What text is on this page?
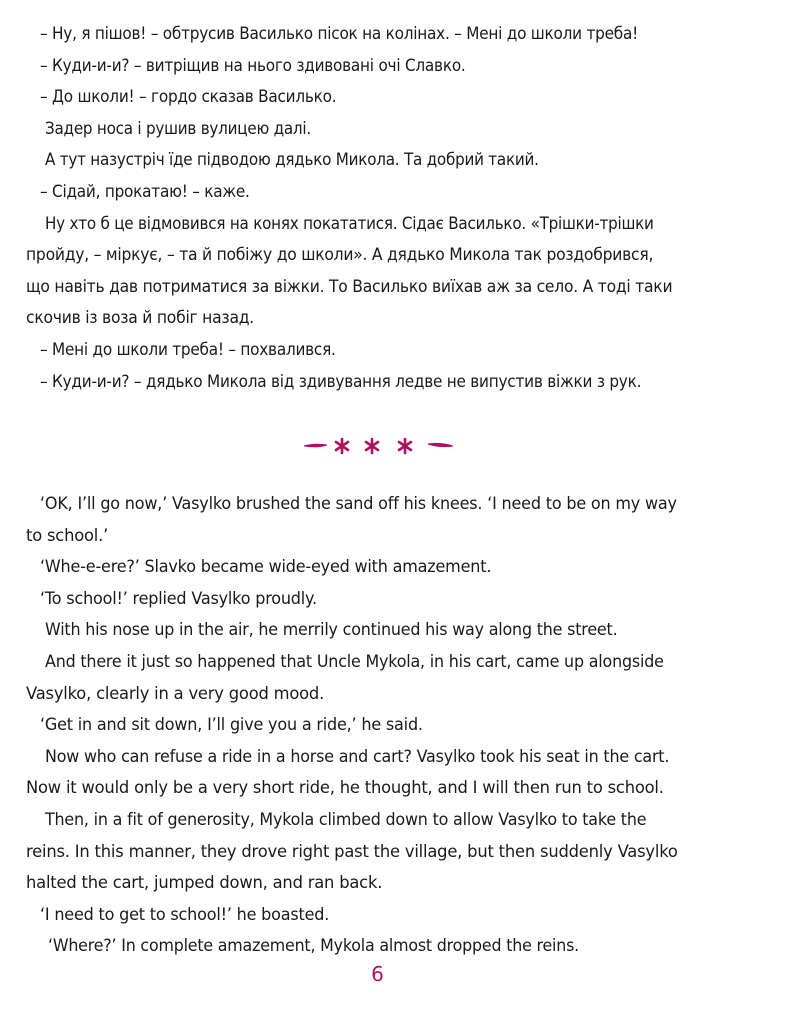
– Ну, я пішов! – обтрусив Василько пісок на колінах. – Мені до школи треба!
– Куди-и-и? – витріщив на нього здивовані очі Славко.
– До школи! – гордо сказав Василько.
Задер носа і рушив вулицею далі.
А тут назустріч їде підводою дядько Микола. Та добрий такий.
– Сідай, прокатаю! – каже.
Ну хто б це відмовився на конях покататися. Сідає Василько. «Трішки-трішки
пройду, – міркує, – та й побіжу до школи». А дядько Микола так роздобрився,
що навіть дав потриматися за віжки. То Василько виїхав аж за село. А тоді таки
скочив із воза й побіг назад.
– Мені до школи треба! – похвалився.
– Куди-и-и? – дядько Микола від здивування ледве не випустив віжки з рук.
‘OK, I’ll go now,’ Vasylko brushed the sand off his knees. ‘I need to be on my way
to school.’
‘Whe-e-ere?’ Slavko became wide-eyed with amazement.
‘To school!’ replied Vasylko proudly.
With his nose up in the air, he merrily continued his way along the street.
And there it just so happened that Uncle Mykola, in his cart, came up alongside
Vasylko, clearly in a very good mood.
‘Get in and sit down, I’ll give you a ride,’ he said.
Now who can refuse a ride in a horse and cart? Vasylko took his seat in the cart.
Now it would only be a very short ride, he thought, and I will then run to school.
Then, in a fit of generosity, Mykola climbed down to allow Vasylko to take the
reins. In this manner, they drove right past the village, but then suddenly Vasylko
halted the cart, jumped down, and ran back.
‘I need to get to school!’ he boasted.
‘Where?’ In complete amazement, Mykola almost dropped the reins.
6
